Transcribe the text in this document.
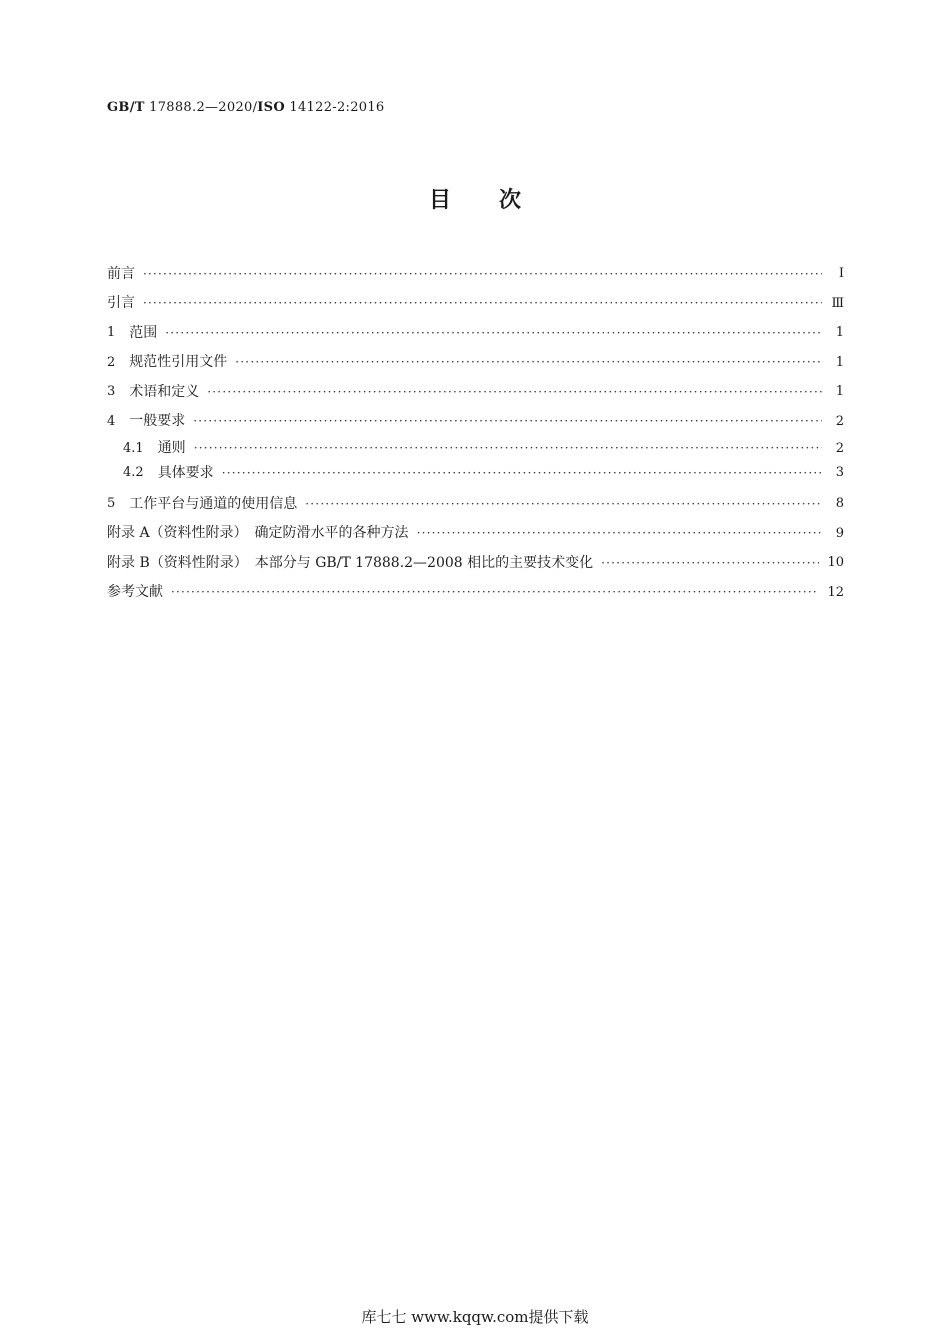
GB/T 17888.2—2020/ISO 14122-2:2016
目次
前言 ·····	Ⅰ
引言 ·····	Ⅲ
1 范围 ·····	1
2 规范性引用文件 ·····	1
3 术语和定义 ·····	1
4 一般要求 ·····	2
4.1 通则 ·····	2
4.2 具体要求 ·····	3
5 工作平台与通道的使用信息 ·····	8
附录 A（资料性附录）　确定防滑水平的各种方法 ·····	9
附录 B（资料性附录）　本部分与 GB/T 17888.2—2008 相比的主要技术变化 ·····	10
参考文献 ·····	12
库七七 www.kqqw.com提供下载
